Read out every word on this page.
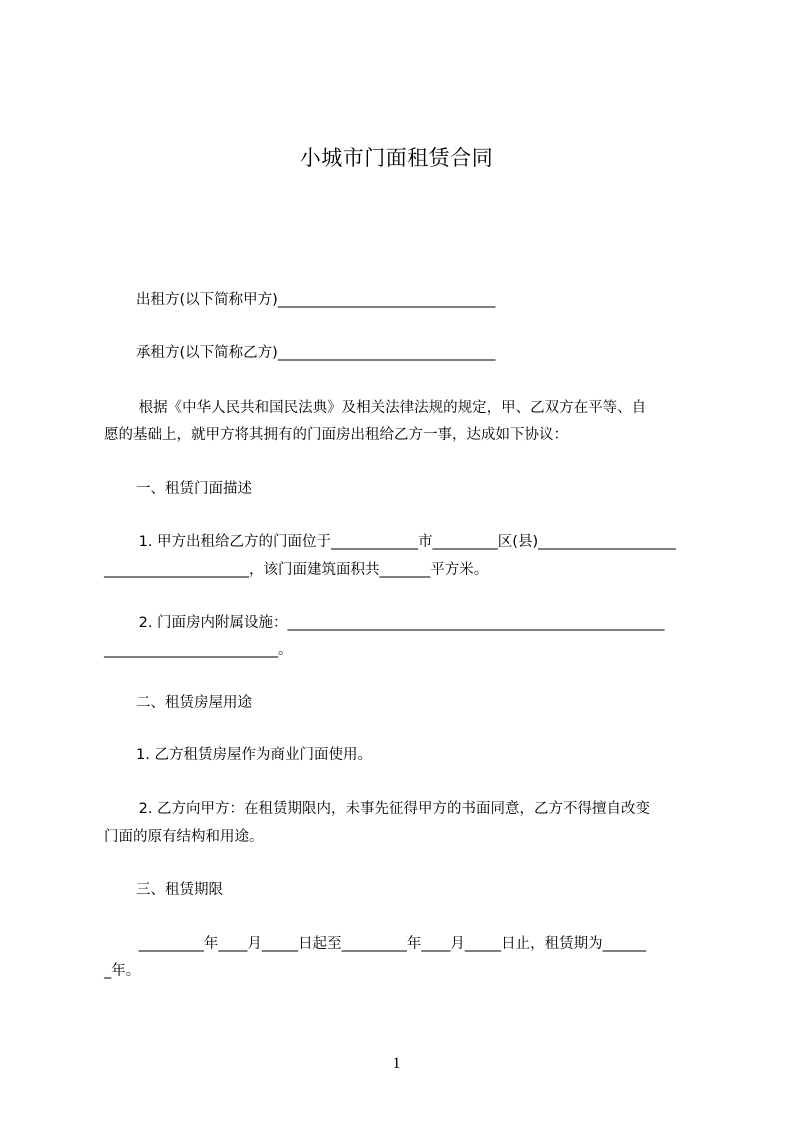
小城市门面租赁合同
出租方(以下简称甲方)______________________________
承租方(以下简称乙方)______________________________
根据《中华人民共和国民法典》及相关法律法规的规定，甲、乙双方在平等、自
愿的基础上，就甲方将其拥有的门面房出租给乙方一事，达成如下协议：
一、租赁门面描述
1. 甲方出租给乙方的门面位于____________市_________区(县)___________________
____________________，该门面建筑面积共_______平方米。
2. 门面房内附属设施：____________________________________________________
________________________。
二、租赁房屋用途
1. 乙方租赁房屋作为商业门面使用。
2. 乙方向甲方：在租赁期限内，未事先征得甲方的书面同意，乙方不得擅自改变
门面的原有结构和用途。
三、租赁期限
_________年____月_____日起至_________年____月_____日止，租赁期为______
_年。
1
